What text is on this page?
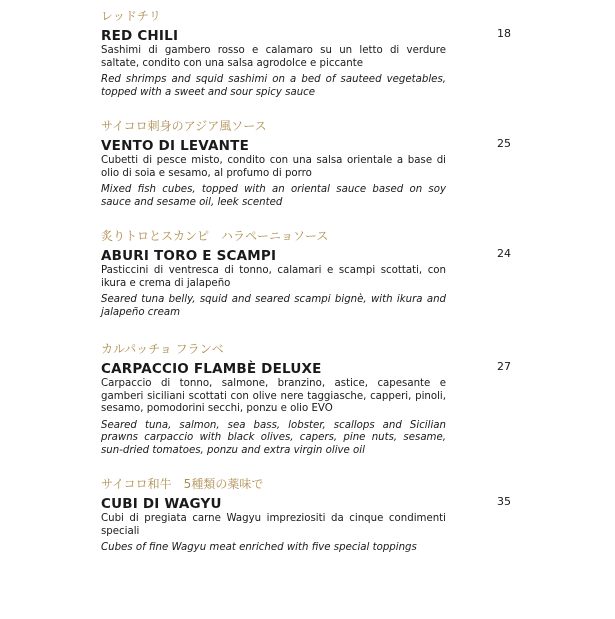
レッドチリ
RED CHILI	18
Sashimi di gambero rosso e calamaro su un letto di verdure saltate, condito con una salsa agrodolce e piccante
Red shrimps and squid sashimi on a bed of sauteed vegetables, topped with a sweet and sour spicy sauce
サイコロ刺身のアジア風ソース
VENTO DI LEVANTE	25
Cubetti di pesce misto, condito con una salsa orientale a base di olio di soia e sesamo, al profumo di porro
Mixed fish cubes, topped with an oriental sauce based on soy sauce and sesame oil, leek scented
炙りトロとスカンピ　ハラペーニョソース
ABURI TORO E SCAMPI	24
Pasticcini di ventresca di tonno, calamari e scampi scottati, con ikura e crema di jalapeño
Seared tuna belly, squid and seared scampi bignè, with ikura and jalapeño cream
カルパッチョ フランベ
CARPACCIO FLAMBÈ DELUXE	27
Carpaccio di tonno, salmone, branzino, astice, capesante e gamberi siciliani scottati con olive nere taggiasche, capperi, pinoli, sesamo, pomodorini secchi, ponzu e olio EVO
Seared tuna, salmon, sea bass, lobster, scallops and Sicilian prawns carpaccio with black olives, capers, pine nuts, sesame, sun-dried tomatoes, ponzu and extra virgin olive oil
サイコロ和牛　5種類の薬味で
CUBI DI WAGYU	35
Cubi di pregiata carne Wagyu impreziositi da cinque condimenti speciali
Cubes of fine Wagyu meat enriched with five special toppings
